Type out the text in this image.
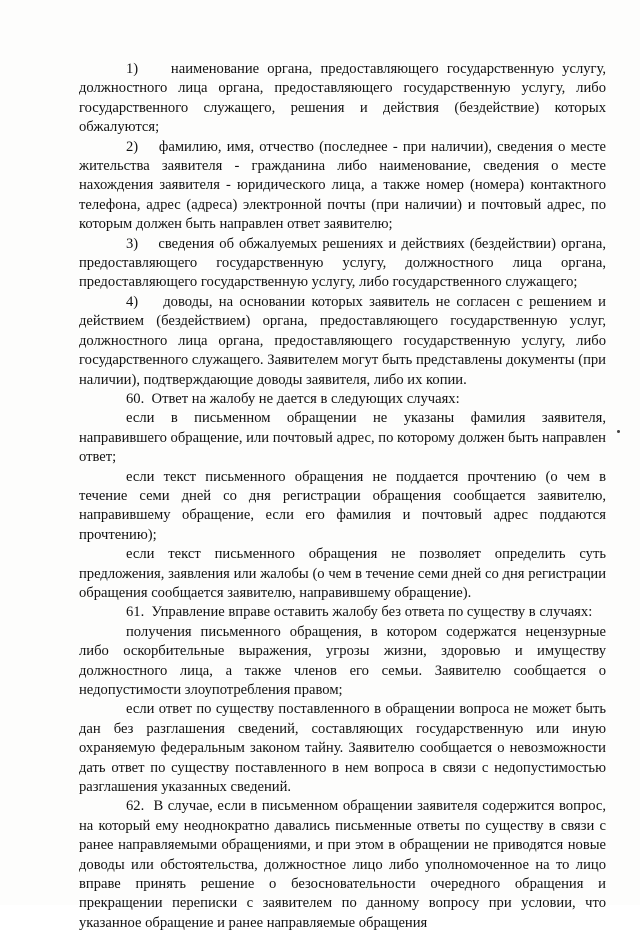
1)    наименование органа, предоставляющего государственную услугу, должностного лица органа, предоставляющего государственную услугу, либо государственного служащего, решения и действия (бездействие) которых обжалуются;

2)    фамилию, имя, отчество (последнее - при наличии), сведения о месте жительства заявителя - гражданина либо наименование, сведения о месте нахождения заявителя - юридического лица, а также номер (номера) контактного телефона, адрес (адреса) электронной почты (при наличии) и почтовый адрес, по которым должен быть направлен ответ заявителю;

3)    сведения об обжалуемых решениях и действиях (бездействии) органа, предоставляющего государственную услугу, должностного лица органа, предоставляющего государственную услугу, либо государственного служащего;

4)    доводы, на основании которых заявитель не согласен с решением и действием (бездействием) органа, предоставляющего государственную услуг, должностного лица органа, предоставляющего государственную услугу, либо государственного служащего. Заявителем могут быть представлены документы (при наличии), подтверждающие доводы заявителя, либо их копии.

60.  Ответ на жалобу не дается в следующих случаях:

если в письменном обращении не указаны фамилия заявителя, направившего обращение, или почтовый адрес, по которому должен быть направлен ответ;

если текст письменного обращения не поддается прочтению (о чем в течение семи дней со дня регистрации обращения сообщается заявителю, направившему обращение, если его фамилия и почтовый адрес поддаются прочтению);

если текст письменного обращения не позволяет определить суть предложения, заявления или жалобы (о чем в течение семи дней со дня регистрации обращения сообщается заявителю, направившему обращение).

61.  Управление вправе оставить жалобу без ответа по существу в случаях:

получения письменного обращения, в котором содержатся нецензурные либо оскорбительные выражения, угрозы жизни, здоровью и имуществу должностного лица, а также членов его семьи. Заявителю сообщается о недопустимости злоупотребления правом;

если ответ по существу поставленного в обращении вопроса не может быть дан без разглашения сведений, составляющих государственную или иную охраняемую федеральным законом тайну. Заявителю сообщается о невозможности дать ответ по существу поставленного в нем вопроса в связи с недопустимостью разглашения указанных сведений.

62.  В случае, если в письменном обращении заявителя содержится вопрос, на который ему неоднократно давались письменные ответы по существу в связи с ранее направляемыми обращениями, и при этом в обращении не приводятся новые доводы или обстоятельства, должностное лицо либо уполномоченное на то лицо вправе принять решение о безосновательности очередного обращения и прекращении переписки с заявителем по данному вопросу при условии, что указанное обращение и ранее направляемые обращения
